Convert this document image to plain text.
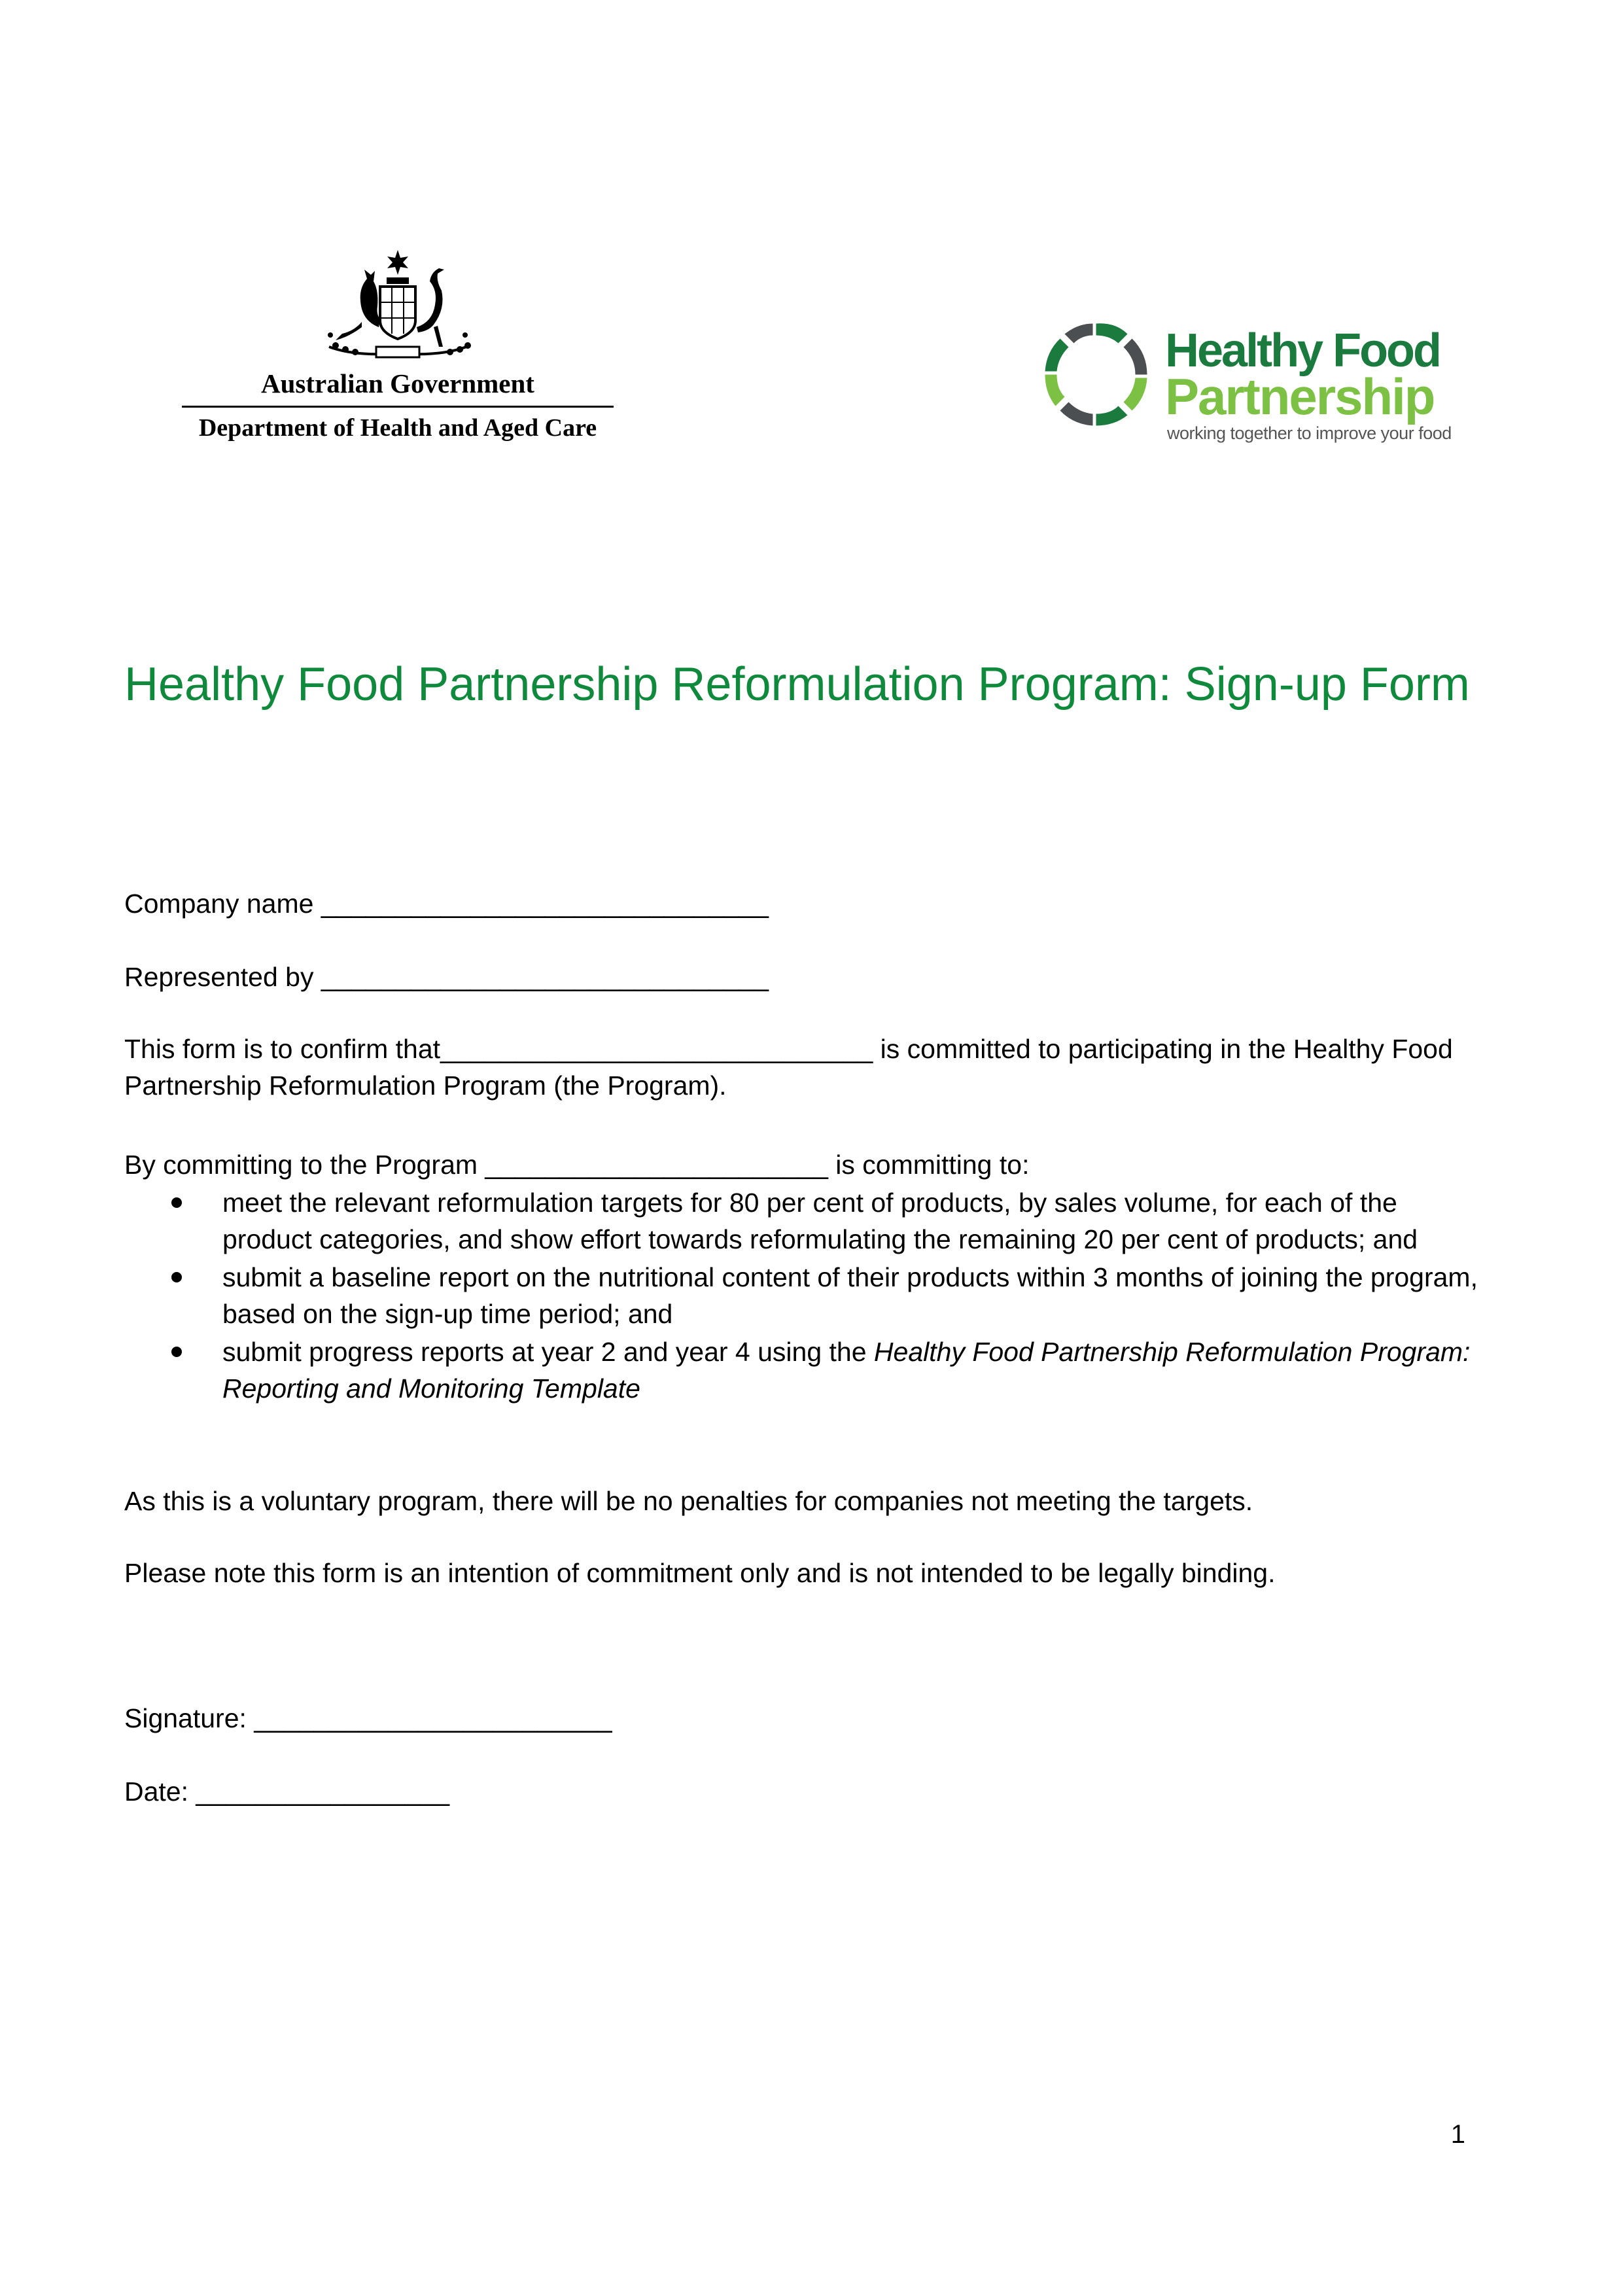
Australian Government
Department of Health and Aged Care
Healthy Food
Partnership
working together to improve your food
Healthy Food Partnership Reformulation Program: Sign-up Form
Company name ______________________________
Represented by ______________________________
This form is to confirm that_____________________________ is committed to participating in the Healthy Food Partnership Reformulation Program (the Program).
By committing to the Program _______________________ is committing to:
meet the relevant reformulation targets for 80 per cent of products, by sales volume, for each of the product categories, and show effort towards reformulating the remaining 20 per cent of products; and
submit a baseline report on the nutritional content of their products within 3 months of joining the program, based on the sign-up time period; and
submit progress reports at year 2 and year 4 using the Healthy Food Partnership Reformulation Program: Reporting and Monitoring Template
As this is a voluntary program, there will be no penalties for companies not meeting the targets.
Please note this form is an intention of commitment only and is not intended to be legally binding.
Signature: ________________________
Date: _________________
1
